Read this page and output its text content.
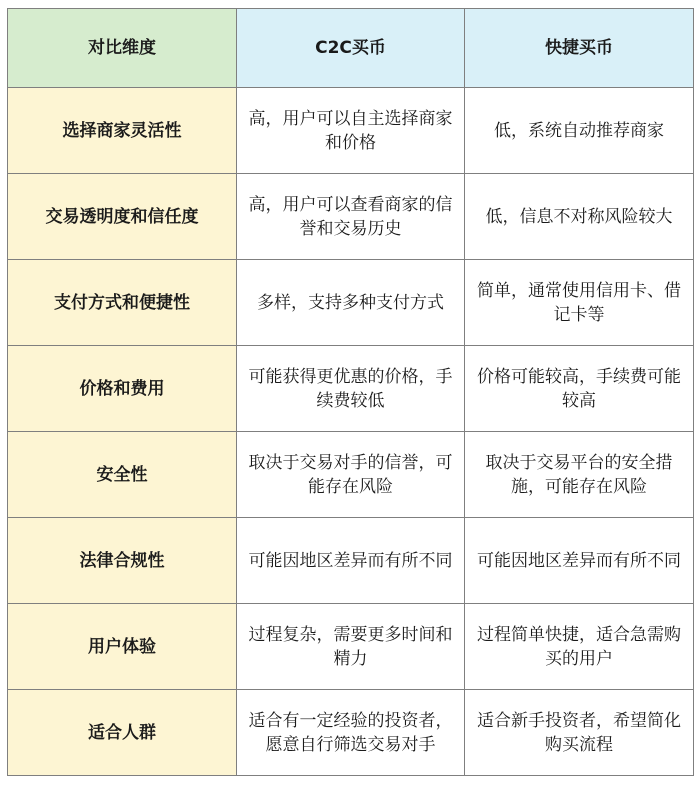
对比维度	C2C买币	快捷买币
选择商家灵活性	高，用户可以自主选择商家和价格	低，系统自动推荐商家
交易透明度和信任度	高，用户可以查看商家的信誉和交易历史	低，信息不对称风险较大
支付方式和便捷性	多样，支持多种支付方式	简单，通常使用信用卡、借记卡等
价格和费用	可能获得更优惠的价格，手续费较低	价格可能较高，手续费可能较高
安全性	取决于交易对手的信誉，可能存在风险	取决于交易平台的安全措施，可能存在风险
法律合规性	可能因地区差异而有所不同	可能因地区差异而有所不同
用户体验	过程复杂，需要更多时间和精力	过程简单快捷，适合急需购买的用户
适合人群	适合有一定经验的投资者，愿意自行筛选交易对手	适合新手投资者，希望简化购买流程
